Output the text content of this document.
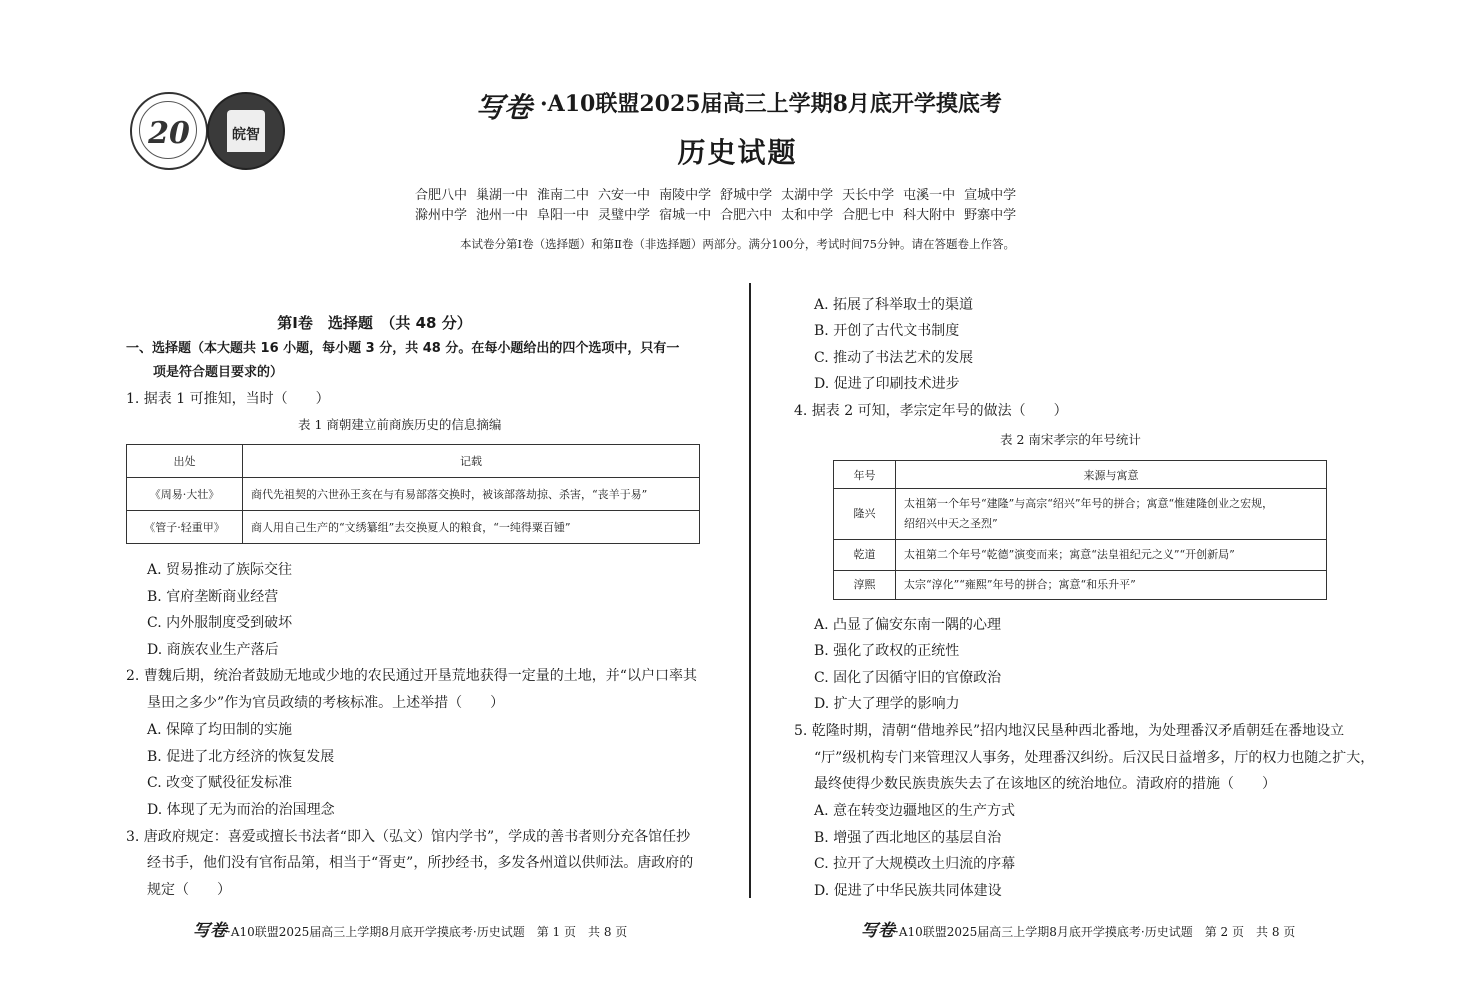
20	皖智
写卷 ·A10联盟2025届高三上学期8月底开学摸底考
历史试题
合肥八中 巢湖一中 淮南二中 六安一中 南陵中学 舒城中学 太湖中学 天长中学 屯溪一中 宣城中学
滁州中学 池州一中 阜阳一中 灵璧中学 宿城一中 合肥六中 太和中学 合肥七中 科大附中 野寨中学
本试卷分第Ⅰ卷（选择题）和第Ⅱ卷（非选择题）两部分。满分100分，考试时间75分钟。请在答题卷上作答。
第Ⅰ卷　选择题　（共 48 分）
一、选择题（本大题共 16 小题，每小题 3 分，共 48 分。在每小题给出的四个选项中，只有一
项是符合题目要求的）
1. 据表 1 可推知，当时（　　）
表 1 商朝建立前商族历史的信息摘编
出处	记载
《周易·大壮》	商代先祖契的六世孙王亥在与有易部落交换时，被该部落劫掠、杀害，“丧羊于易”
《管子·轻重甲》	商人用自己生产的“文绣纂组”去交换夏人的粮食，“一纯得粟百锺”
A. 贸易推动了族际交往
B. 官府垄断商业经营
C. 内外服制度受到破坏
D. 商族农业生产落后
2. 曹魏后期，统治者鼓励无地或少地的农民通过开垦荒地获得一定量的土地，并“以户口率其
垦田之多少”作为官员政绩的考核标准。上述举措（　　）
A. 保障了均田制的实施
B. 促进了北方经济的恢复发展
C. 改变了赋役征发标准
D. 体现了无为而治的治国理念
3. 唐政府规定：喜爱或擅长书法者“即入（弘文）馆内学书”，学成的善书者则分充各馆任抄
经书手，他们没有官衔品第，相当于“胥吏”，所抄经书，多发各州道以供师法。唐政府的
规定（　　）
A. 拓展了科举取士的渠道
B. 开创了古代文书制度
C. 推动了书法艺术的发展
D. 促进了印刷技术进步
4. 据表 2 可知，孝宗定年号的做法（　　）
表 2 南宋孝宗的年号统计
年号	来源与寓意
隆兴	太祖第一个年号“建隆”与高宗“绍兴”年号的拼合；寓意“惟建隆创业之宏规，
绍绍兴中天之圣烈”

乾道	太祖第二个年号“乾德”演变而来；寓意“法皇祖纪元之义”“开创新局”
淳熙	太宗“淳化”“雍熙”年号的拼合；寓意“和乐升平”
A. 凸显了偏安东南一隅的心理
B. 强化了政权的正统性
C. 固化了因循守旧的官僚政治
D. 扩大了理学的影响力
5. 乾隆时期，清朝“借地养民”招内地汉民垦种西北番地，为处理番汉矛盾朝廷在番地设立
“厅”级机构专门来管理汉人事务，处理番汉纠纷。后汉民日益增多，厅的权力也随之扩大，
最终使得少数民族贵族失去了在该地区的统治地位。清政府的措施（　　）
A. 意在转变边疆地区的生产方式
B. 增强了西北地区的基层自治
C. 拉开了大规模改土归流的序幕
D. 促进了中华民族共同体建设
写卷·A10联盟2025届高三上学期8月底开学摸底考·历史试题　第 1 页　共 8 页	写卷·A10联盟2025届高三上学期8月底开学摸底考·历史试题　第 2 页　共 8 页
